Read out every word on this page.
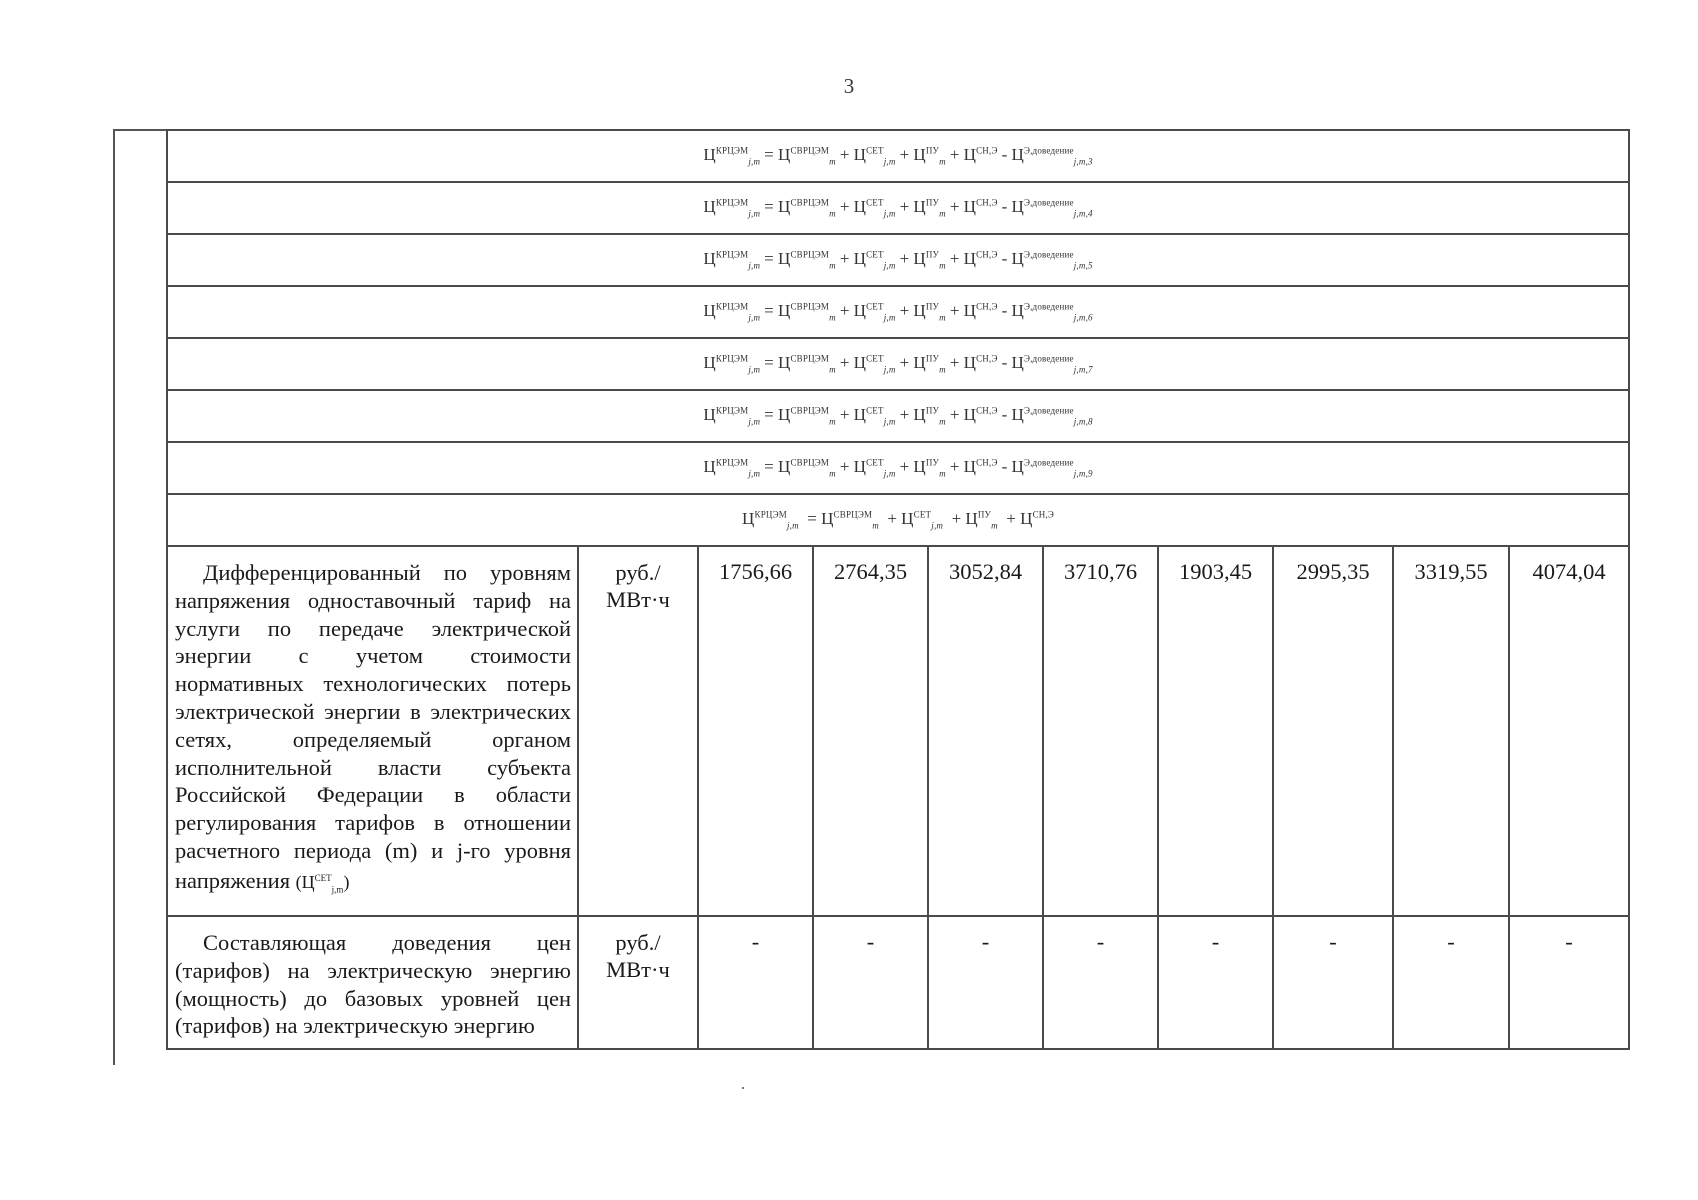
3
$Ц^{КРЦЭМ}_{j,m} = Ц^{СВРЦЭМ}_m + Ц^{СЕТ}_{j,m} + Ц^{ПУ}_m + Ц^{СН,Э} - Ц^{Э,доведение}_{j,m,3}$
$Ц^{КРЦЭМ}_{j,m} = Ц^{СВРЦЭМ}_m + Ц^{СЕТ}_{j,m} + Ц^{ПУ}_m + Ц^{СН,Э} - Ц^{Э,доведение}_{j,m,4}$
$Ц^{КРЦЭМ}_{j,m} = Ц^{СВРЦЭМ}_m + Ц^{СЕТ}_{j,m} + Ц^{ПУ}_m + Ц^{СН,Э} - Ц^{Э,доведение}_{j,m,5}$
$Ц^{КРЦЭМ}_{j,m} = Ц^{СВРЦЭМ}_m + Ц^{СЕТ}_{j,m} + Ц^{ПУ}_m + Ц^{СН,Э} - Ц^{Э,доведение}_{j,m,6}$
$Ц^{КРЦЭМ}_{j,m} = Ц^{СВРЦЭМ}_m + Ц^{СЕТ}_{j,m} + Ц^{ПУ}_m + Ц^{СН,Э} - Ц^{Э,доведение}_{j,m,7}$
$Ц^{КРЦЭМ}_{j,m} = Ц^{СВРЦЭМ}_m + Ц^{СЕТ}_{j,m} + Ц^{ПУ}_m + Ц^{СН,Э} - Ц^{Э,доведение}_{j,m,8}$
$Ц^{КРЦЭМ}_{j,m} = Ц^{СВРЦЭМ}_m + Ц^{СЕТ}_{j,m} + Ц^{ПУ}_m + Ц^{СН,Э} - Ц^{Э,доведение}_{j,m,9}$
$Ц^{КРЦЭМ}_{j,m} = Ц^{СВРЦЭМ}_m + Ц^{СЕТ}_{j,m} + Ц^{ПУ}_m + Ц^{СН,Э}$
Дифференцированный по уровням напряжения одноставочный тариф на услуги по передаче электрической энергии с учетом стоимости нормативных технологических потерь электрической энергии в электрических сетях, определяемый органом исполнительной власти субъекта Российской Федерации в области регулирования тарифов в отношении расчетного периода (m) и j-го уровня напряжения $(Ц^{СЕТ}_{j,m})$	руб./
МВт·ч	1756,66	2764,35	3052,84	3710,76	1903,45	2995,35	3319,55	4074,04
Составляющая доведения цен (тарифов) на электрическую энергию (мощность) до базовых уровней цен (тарифов) на электрическую энергию	руб./
МВт·ч	-	-	-	-	-	-	-	-
